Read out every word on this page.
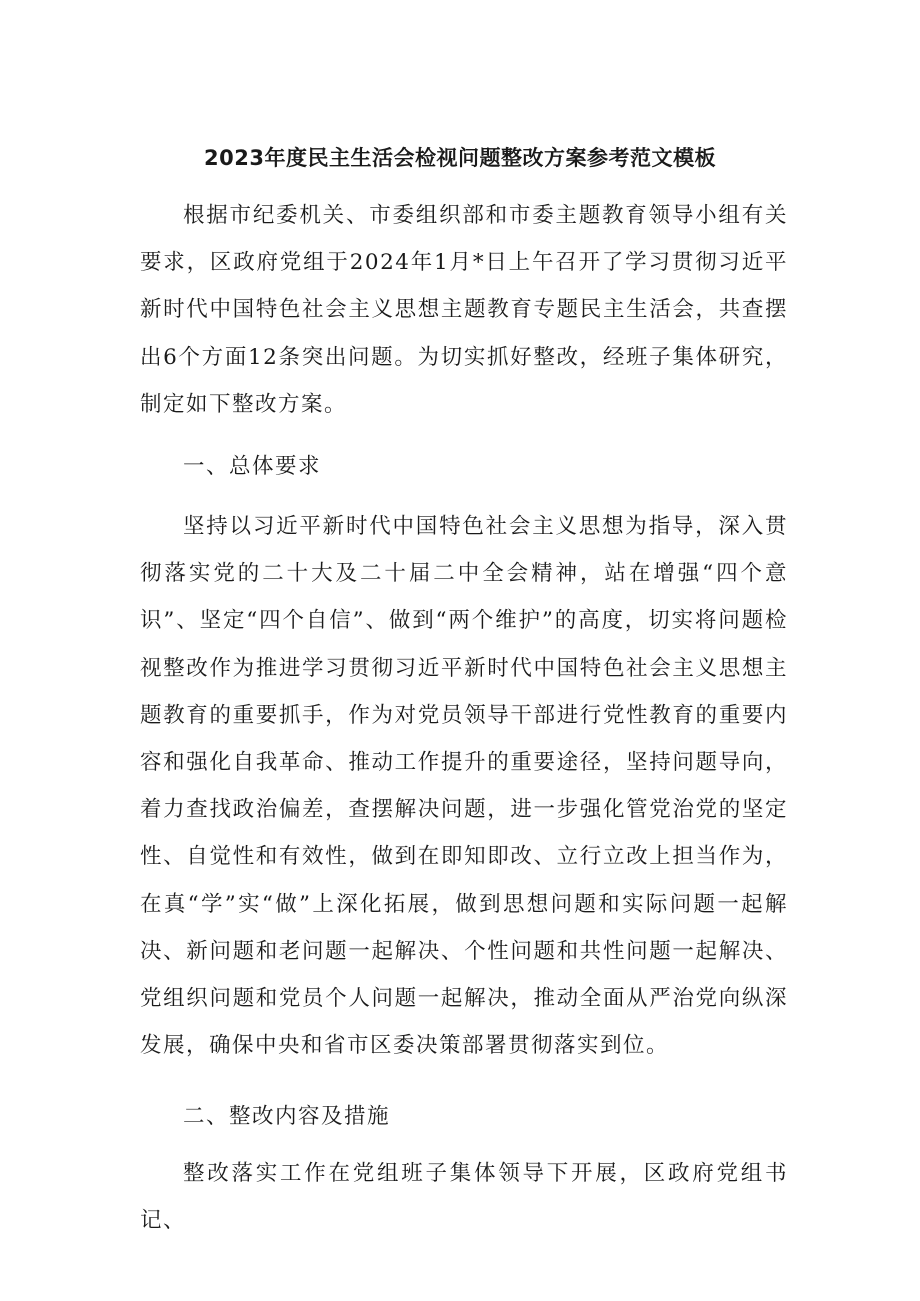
2023年度民主生活会检视问题整改方案参考范文模板

根据市纪委机关、市委组织部和市委主题教育领导小组有关要求，区政府党组于2024年1月*日上午召开了学习贯彻习近平新时代中国特色社会主义思想主题教育专题民主生活会，共查摆出6个方面12条突出问题。为切实抓好整改，经班子集体研究，制定如下整改方案。

一、总体要求

坚持以习近平新时代中国特色社会主义思想为指导，深入贯彻落实党的二十大及二十届二中全会精神，站在增强“四个意识”、坚定“四个自信”、做到“两个维护”的高度，切实将问题检视整改作为推进学习贯彻习近平新时代中国特色社会主义思想主题教育的重要抓手，作为对党员领导干部进行党性教育的重要内容和强化自我革命、推动工作提升的重要途径，坚持问题导向，着力查找政治偏差，查摆解决问题，进一步强化管党治党的坚定性、自觉性和有效性，做到在即知即改、立行立改上担当作为，在真“学”实“做”上深化拓展，做到思想问题和实际问题一起解决、新问题和老问题一起解决、个性问题和共性问题一起解决、党组织问题和党员个人问题一起解决，推动全面从严治党向纵深发展，确保中央和省市区委决策部署贯彻落实到位。

二、整改内容及措施

整改落实工作在党组班子集体领导下开展，区政府党组书记、
